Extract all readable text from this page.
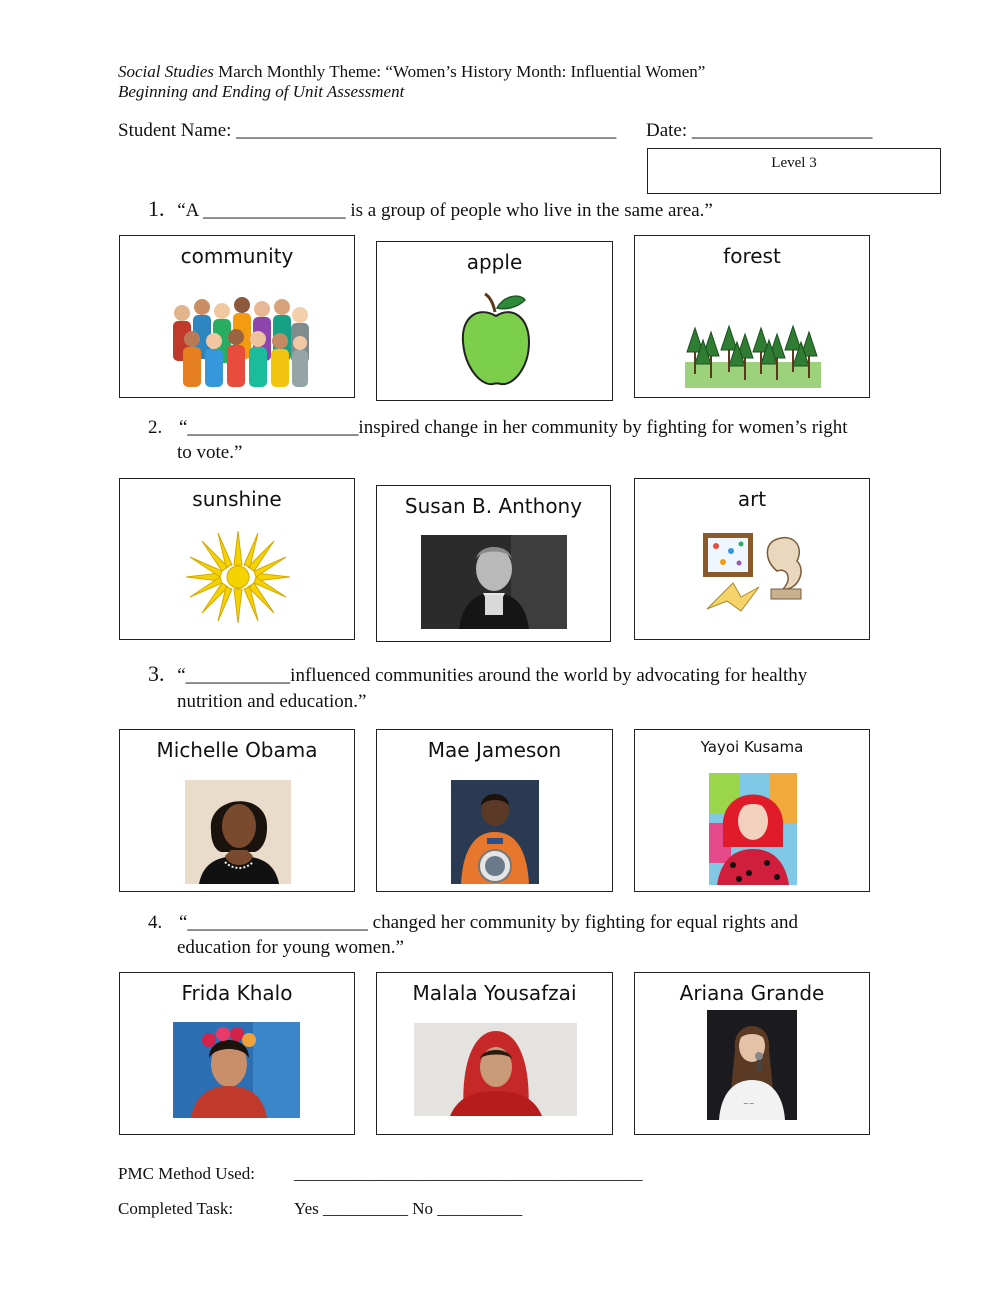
Social Studies March Monthly Theme: “Women’s History Month: Influential Women”
Beginning and Ending of Unit Assessment
Student Name: ________________________________________ Date: ___________________
Level 3
1. “A _______________ is a group of people who live in the same area.”
community	apple	forest
2. “__________________inspired change in her community by fighting for women’s right
to vote.”
sunshine	Susan B. Anthony	art
3. “___________influenced communities around the world by advocating for healthy
nutrition and education.”
Michelle Obama	Mae Jameson	Yayoi Kusama
4. “___________________ changed her community by fighting for equal rights and
education for young women.”
Frida Khalo	Malala Yousafzai	Ariana Grande
~~
PMC Method Used: _________________________________________
Completed Task:	Yes __________ No __________
